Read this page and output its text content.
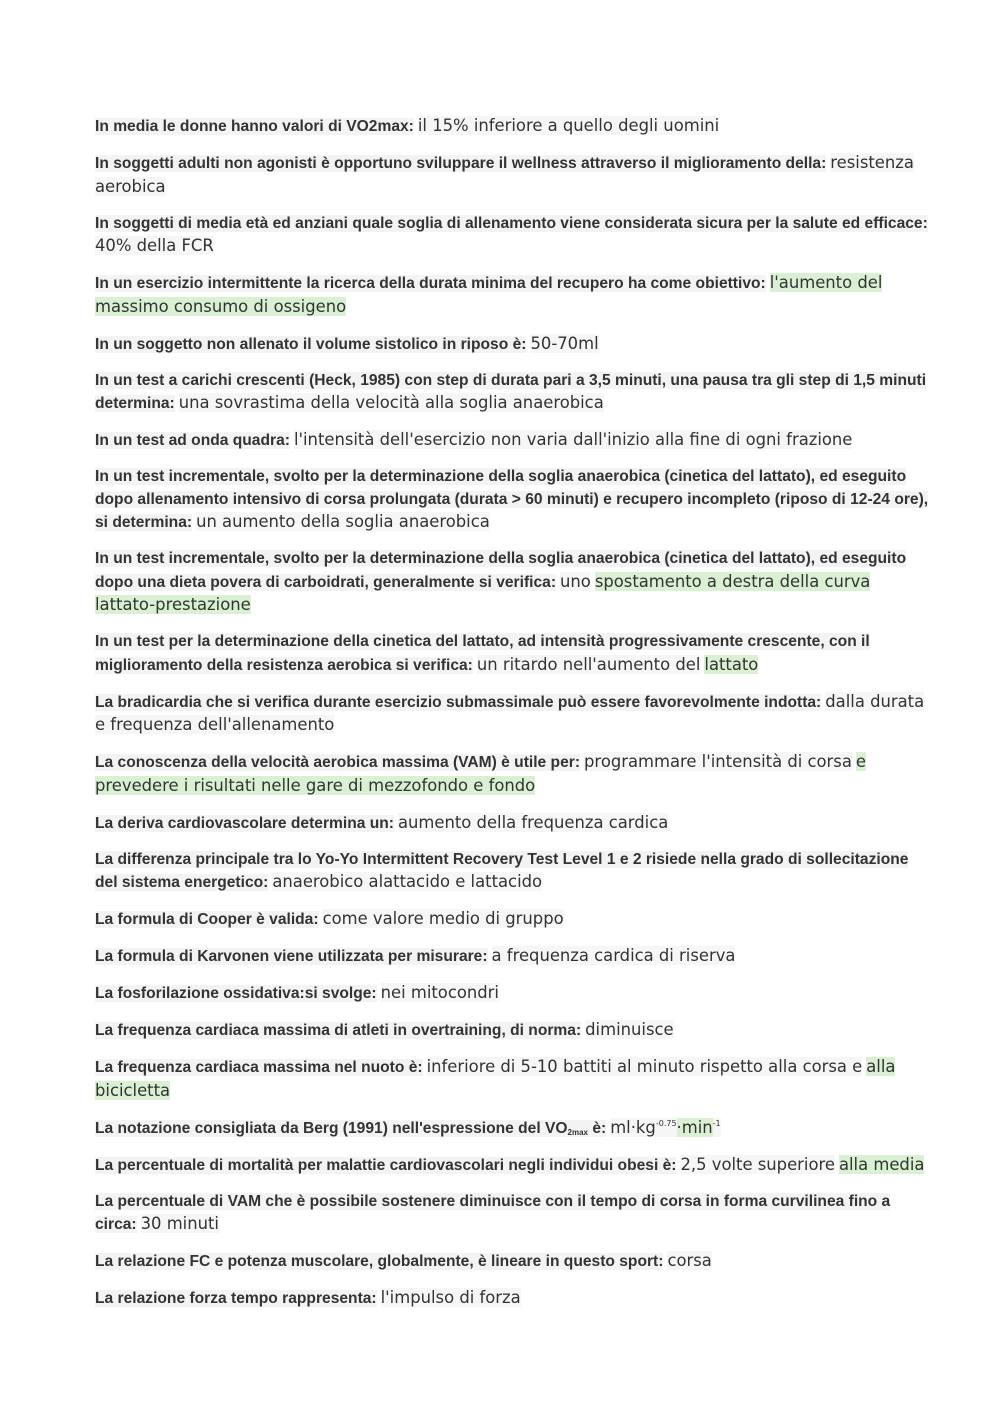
In media le donne hanno valori di VO2max: il 15% inferiore a quello degli uomini

In soggetti adulti non agonisti è opportuno sviluppare il wellness attraverso il miglioramento della: resistenza aerobica

In soggetti di media età ed anziani quale soglia di allenamento viene considerata sicura per la salute ed efficace: 40% della FCR

In un esercizio intermittente la ricerca della durata minima del recupero ha come obiettivo: l'aumento del massimo consumo di ossigeno

In un soggetto non allenato il volume sistolico in riposo è: 50-70ml

In un test a carichi crescenti (Heck, 1985) con step di durata pari a 3,5 minuti, una pausa tra gli step di 1,5 minuti determina: una sovrastima della velocità alla soglia anaerobica

In un test ad onda quadra: l'intensità dell'esercizio non varia dall'inizio alla fine di ogni frazione

In un test incrementale, svolto per la determinazione della soglia anaerobica (cinetica del lattato), ed eseguito dopo allenamento intensivo di corsa prolungata (durata > 60 minuti) e recupero incompleto (riposo di 12-24 ore), si determina: un aumento della soglia anaerobica

In un test incrementale, svolto per la determinazione della soglia anaerobica (cinetica del lattato), ed eseguito dopo una dieta povera di carboidrati, generalmente si verifica: uno spostamento a destra della curva lattato-prestazione

In un test per la determinazione della cinetica del lattato, ad intensità progressivamente crescente, con il miglioramento della resistenza aerobica si verifica: un ritardo nell'aumento del lattato

La bradicardia che si verifica durante esercizio submassimale può essere favorevolmente indotta: dalla durata e frequenza dell'allenamento

La conoscenza della velocità aerobica massima (VAM) è utile per: programmare l'intensità di corsa e prevedere i risultati nelle gare di mezzofondo e fondo

La deriva cardiovascolare determina un: aumento della frequenza cardica

La differenza principale tra lo Yo-Yo Intermittent Recovery Test Level 1 e 2 risiede nella grado di sollecitazione del sistema energetico: anaerobico alattacido e lattacido

La formula di Cooper è valida: come valore medio di gruppo

La formula di Karvonen viene utilizzata per misurare: a frequenza cardica di riserva

La fosforilazione ossidativa:si svolge: nei mitocondri

La frequenza cardiaca massima di atleti in overtraining, di norma: diminuisce

La frequenza cardiaca massima nel nuoto è: inferiore di 5-10 battiti al minuto rispetto alla corsa e alla bicicletta

La notazione consigliata da Berg (1991) nell'espressione del $VO_{2max}$ è: $ml\cdot kg^{-0.75}\cdot\min^{-1}$

La percentuale di mortalità per malattie cardiovascolari negli individui obesi è: 2,5 volte superiore alla media

La percentuale di VAM che è possibile sostenere diminuisce con il tempo di corsa in forma curvilinea fino a circa: 30 minuti

La relazione FC e potenza muscolare, globalmente, è lineare in questo sport: corsa

La relazione forza tempo rappresenta: l'impulso di forza
